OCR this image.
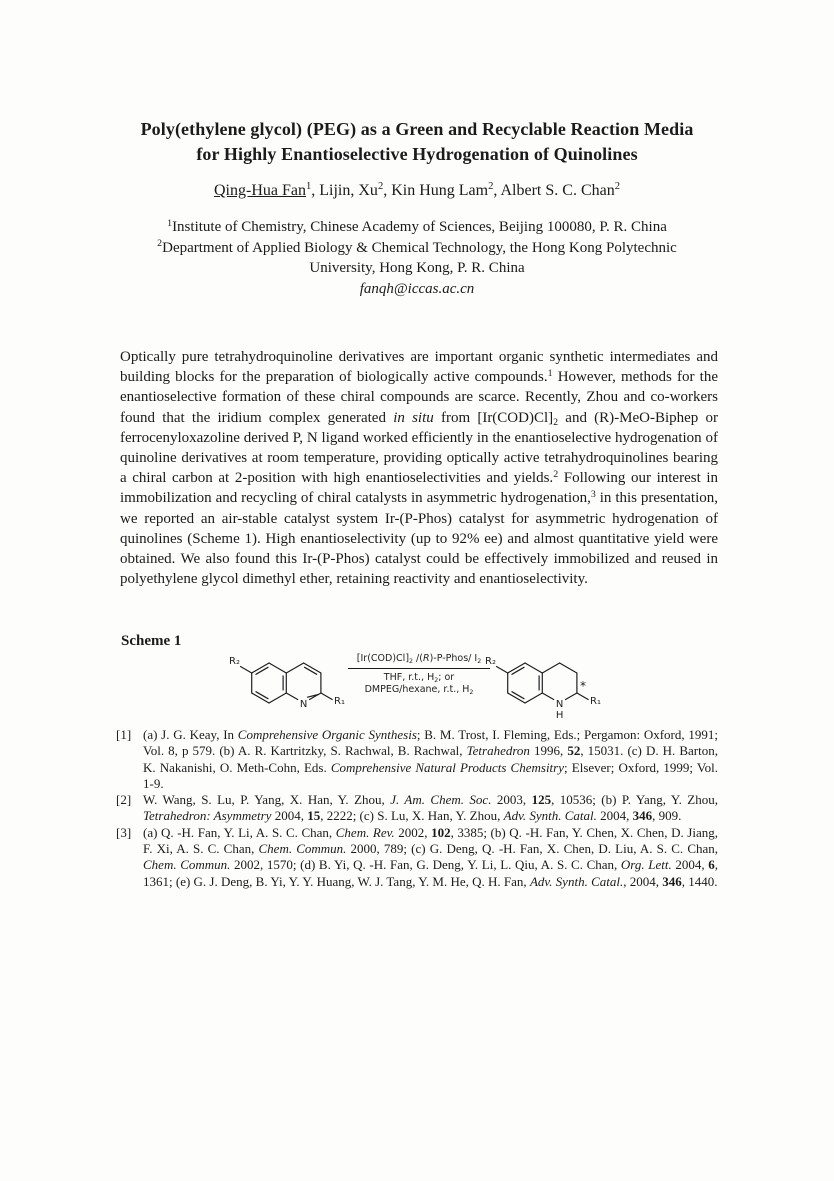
Poly(ethylene glycol) (PEG) as a Green and Recyclable Reaction Media
for Highly Enantioselective Hydrogenation of Quinolines
Qing-Hua Fan$^1$, Lijin, Xu$^2$, Kin Hung Lam$^2$, Albert S. C. Chan$^2$
$^1$Institute of Chemistry, Chinese Academy of Sciences, Beijing 100080, P. R. China
$^2$Department of Applied Biology & Chemical Technology, the Hong Kong Polytechnic
University, Hong Kong, P. R. China
fanqh@iccas.ac.cn
Optically pure tetrahydroquinoline derivatives are important organic synthetic intermediates and building blocks for the preparation of biologically active compounds.$^1$ However, methods for the enantioselective formation of these chiral compounds are scarce. Recently, Zhou and co-workers found that the iridium complex generated in situ from [Ir(COD)Cl]2 and (R)-MeO-Biphep or ferrocenyloxazoline derived P, N ligand worked efficiently in the enantioselective hydrogenation of quinoline derivatives at room temperature, providing optically active tetrahydroquinolines bearing a chiral carbon at 2-position with high enantioselectivities and yields.$^2$ Following our interest in immobilization and recycling of chiral catalysts in asymmetric hydrogenation,$^3$ in this presentation, we reported an air-stable catalyst system Ir-(P-Phos) catalyst for asymmetric hydrogenation of quinolines (Scheme 1). High enantioselectivity (up to 92% ee) and almost quantitative yield were obtained. We also found this Ir-(P-Phos) catalyst could be effectively immobilized and reused in polyethylene glycol dimethyl ether, retaining reactivity and enantioselectivity.
Scheme 1
R₂
N	R₁
[Ir(COD)Cl]2 /(R)-P-Phos/ I2
THF, r.t., H2; or
DMPEG/hexane, r.t., H2
R₂
N
H
*
R₁
[1] (a) J. G. Keay, In Comprehensive Organic Synthesis; B. M. Trost, I. Fleming, Eds.; Pergamon: Oxford, 1991; Vol. 8, p 579. (b) A. R. Kartritzky, S. Rachwal, B. Rachwal, Tetrahedron 1996, 52, 15031. (c) D. H. Barton, K. Nakanishi, O. Meth-Cohn, Eds. Comprehensive Natural Products Chemsitry; Elsever; Oxford, 1999; Vol. 1-9.
[2] W. Wang, S. Lu, P. Yang, X. Han, Y. Zhou, J. Am. Chem. Soc. 2003, 125, 10536; (b) P. Yang, Y. Zhou, Tetrahedron: Asymmetry 2004, 15, 2222; (c) S. Lu, X. Han, Y. Zhou, Adv. Synth. Catal. 2004, 346, 909.
[3] (a) Q. -H. Fan, Y. Li, A. S. C. Chan, Chem. Rev. 2002, 102, 3385; (b) Q. -H. Fan, Y. Chen, X. Chen, D. Jiang, F. Xi, A. S. C. Chan, Chem. Commun. 2000, 789; (c) G. Deng, Q. -H. Fan, X. Chen, D. Liu, A. S. C. Chan, Chem. Commun. 2002, 1570; (d) B. Yi, Q. -H. Fan, G. Deng, Y. Li, L. Qiu, A. S. C. Chan, Org. Lett. 2004, 6, 1361; (e) G. J. Deng, B. Yi, Y. Y. Huang, W. J. Tang, Y. M. He, Q. H. Fan, Adv. Synth. Catal., 2004, 346, 1440.
